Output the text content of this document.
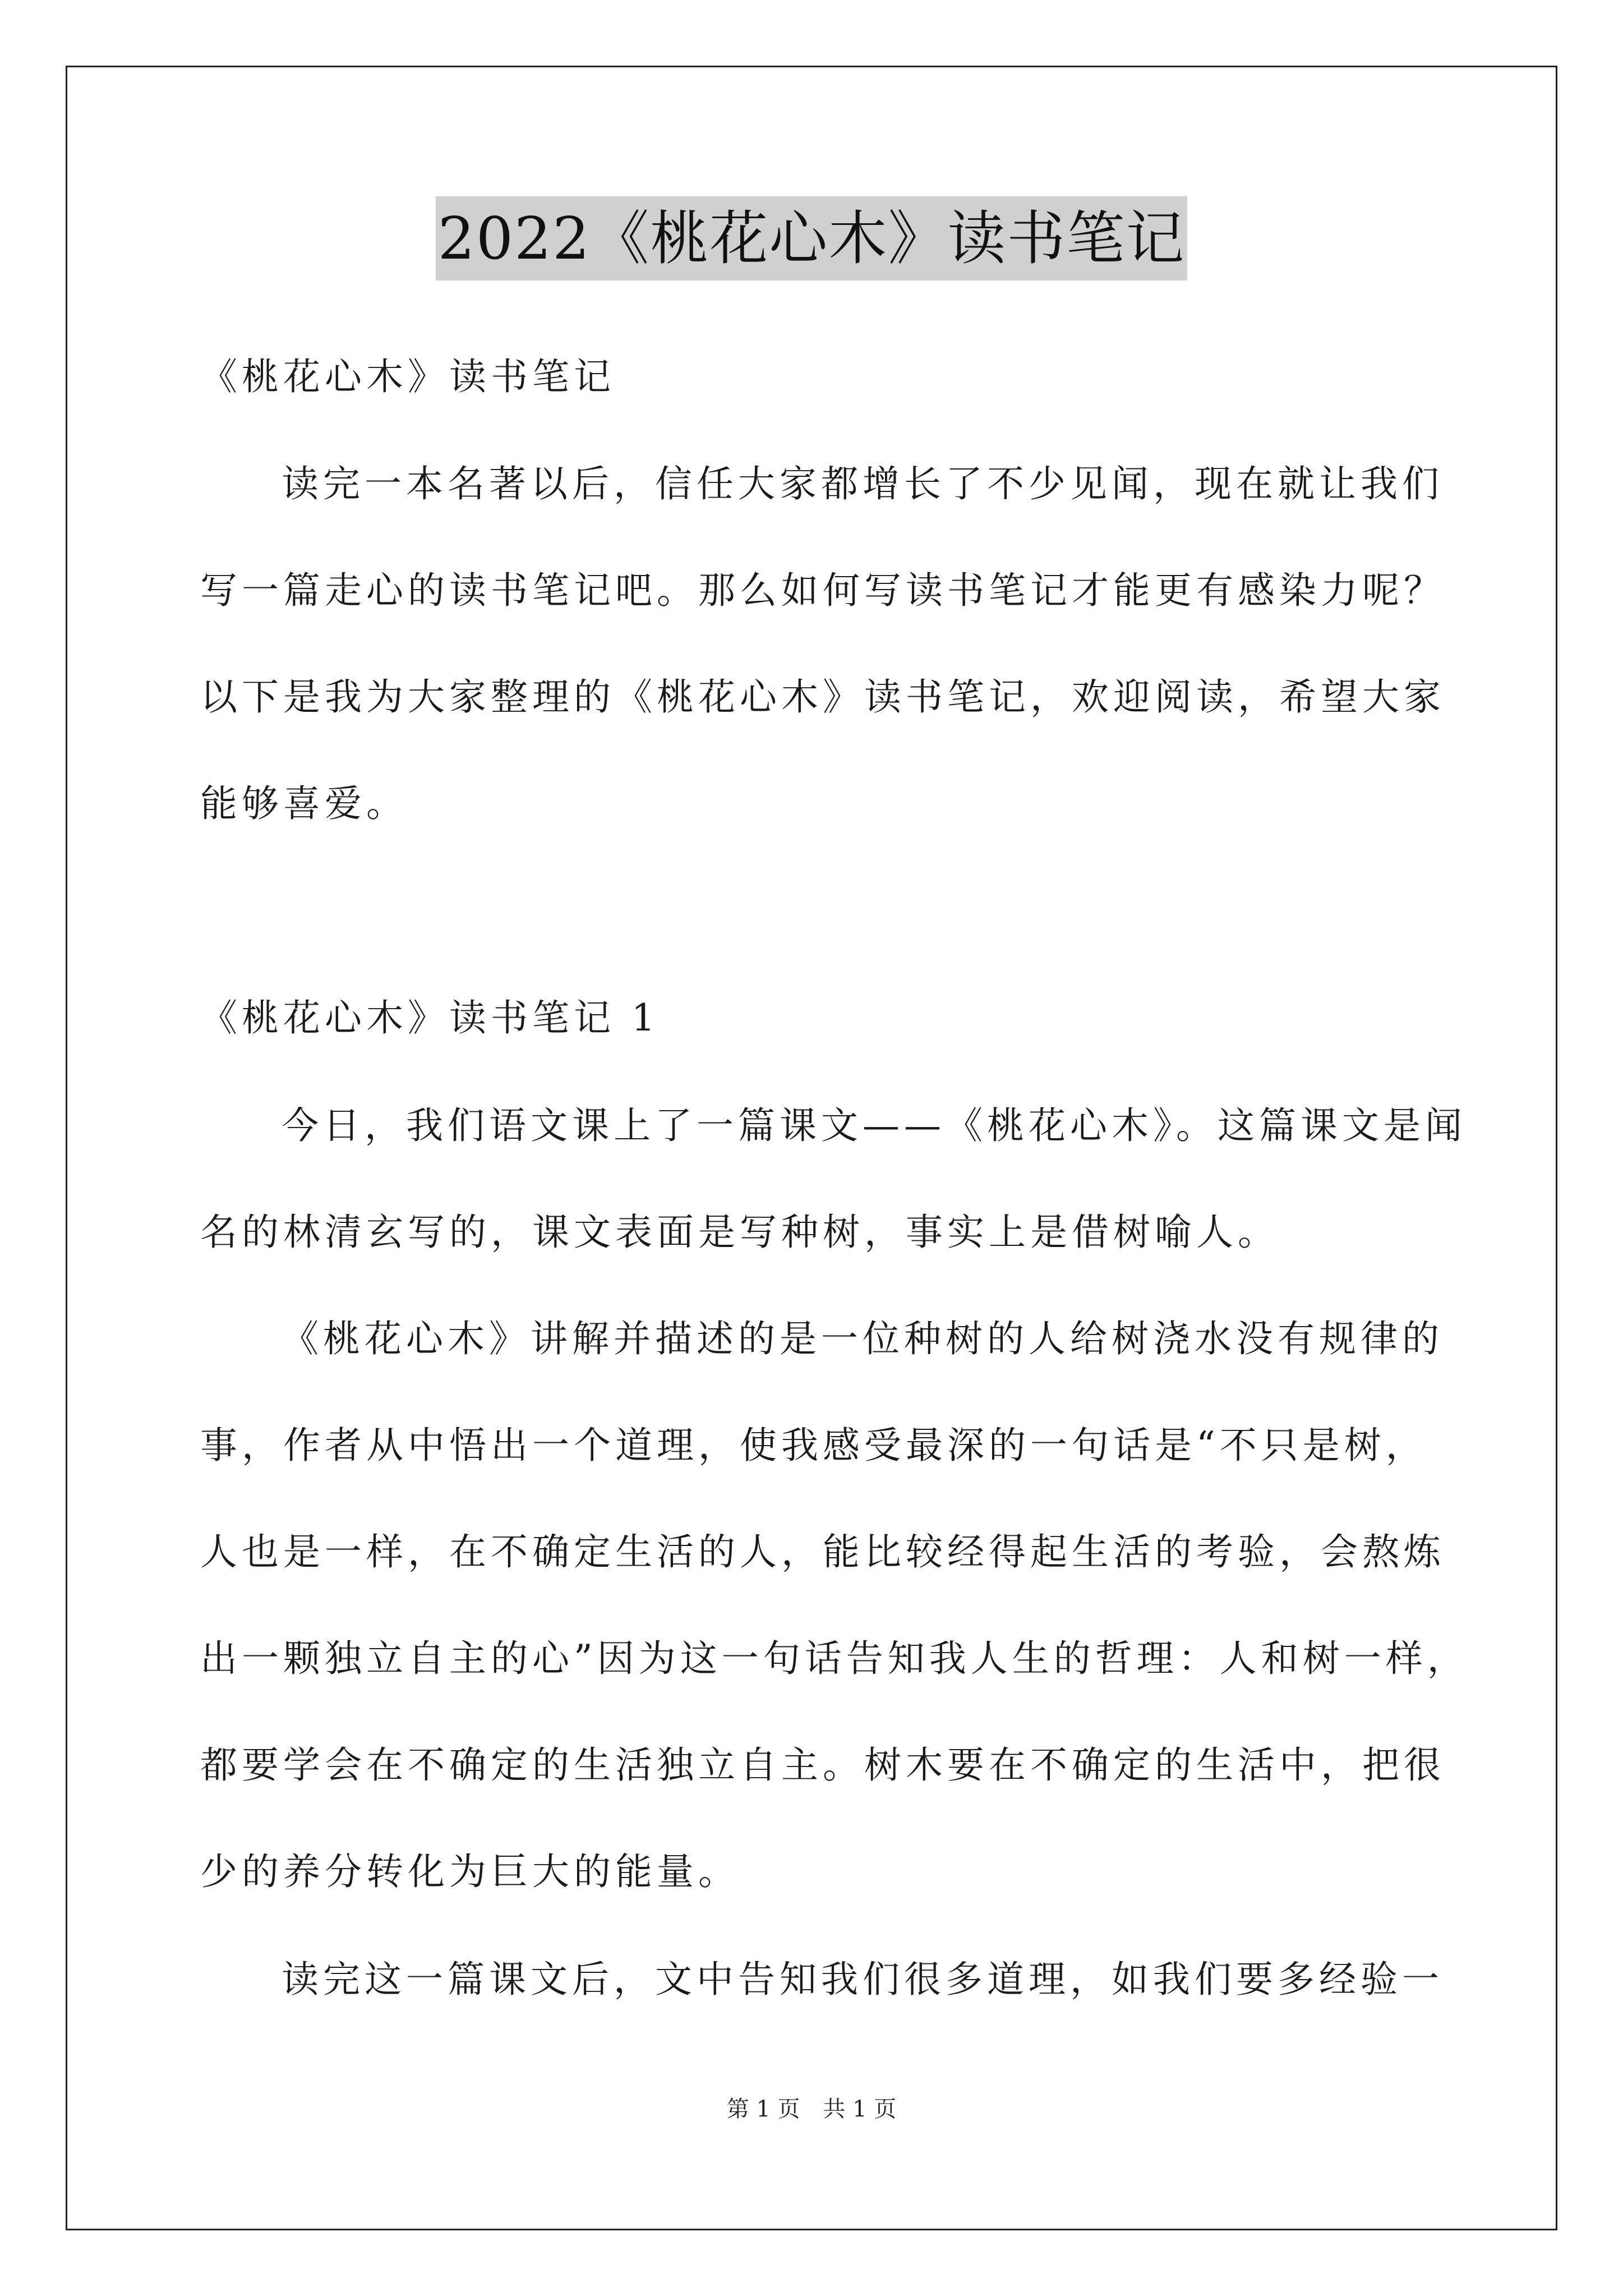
2022《桃花心木》读书笔记
《桃花心木》读书笔记
读完一本名著以后，信任大家都增长了不少见闻，现在就让我们
写一篇走心的读书笔记吧。那么如何写读书笔记才能更有感染力呢？
以下是我为大家整理的《桃花心木》读书笔记，欢迎阅读，希望大家
能够喜爱。
《桃花心木》读书笔记 1
今日，我们语文课上了一篇课文——《桃花心木》。这篇课文是闻
名的林清玄写的，课文表面是写种树，事实上是借树喻人。
《桃花心木》讲解并描述的是一位种树的人给树浇水没有规律的
事，作者从中悟出一个道理，使我感受最深的一句话是“不只是树，
人也是一样，在不确定生活的人，能比较经得起生活的考验，会熬炼
出一颗独立自主的心”因为这一句话告知我人生的哲理：人和树一样，
都要学会在不确定的生活独立自主。树木要在不确定的生活中，把很
少的养分转化为巨大的能量。
读完这一篇课文后，文中告知我们很多道理，如我们要多经验一
第 1 页 共 1 页
